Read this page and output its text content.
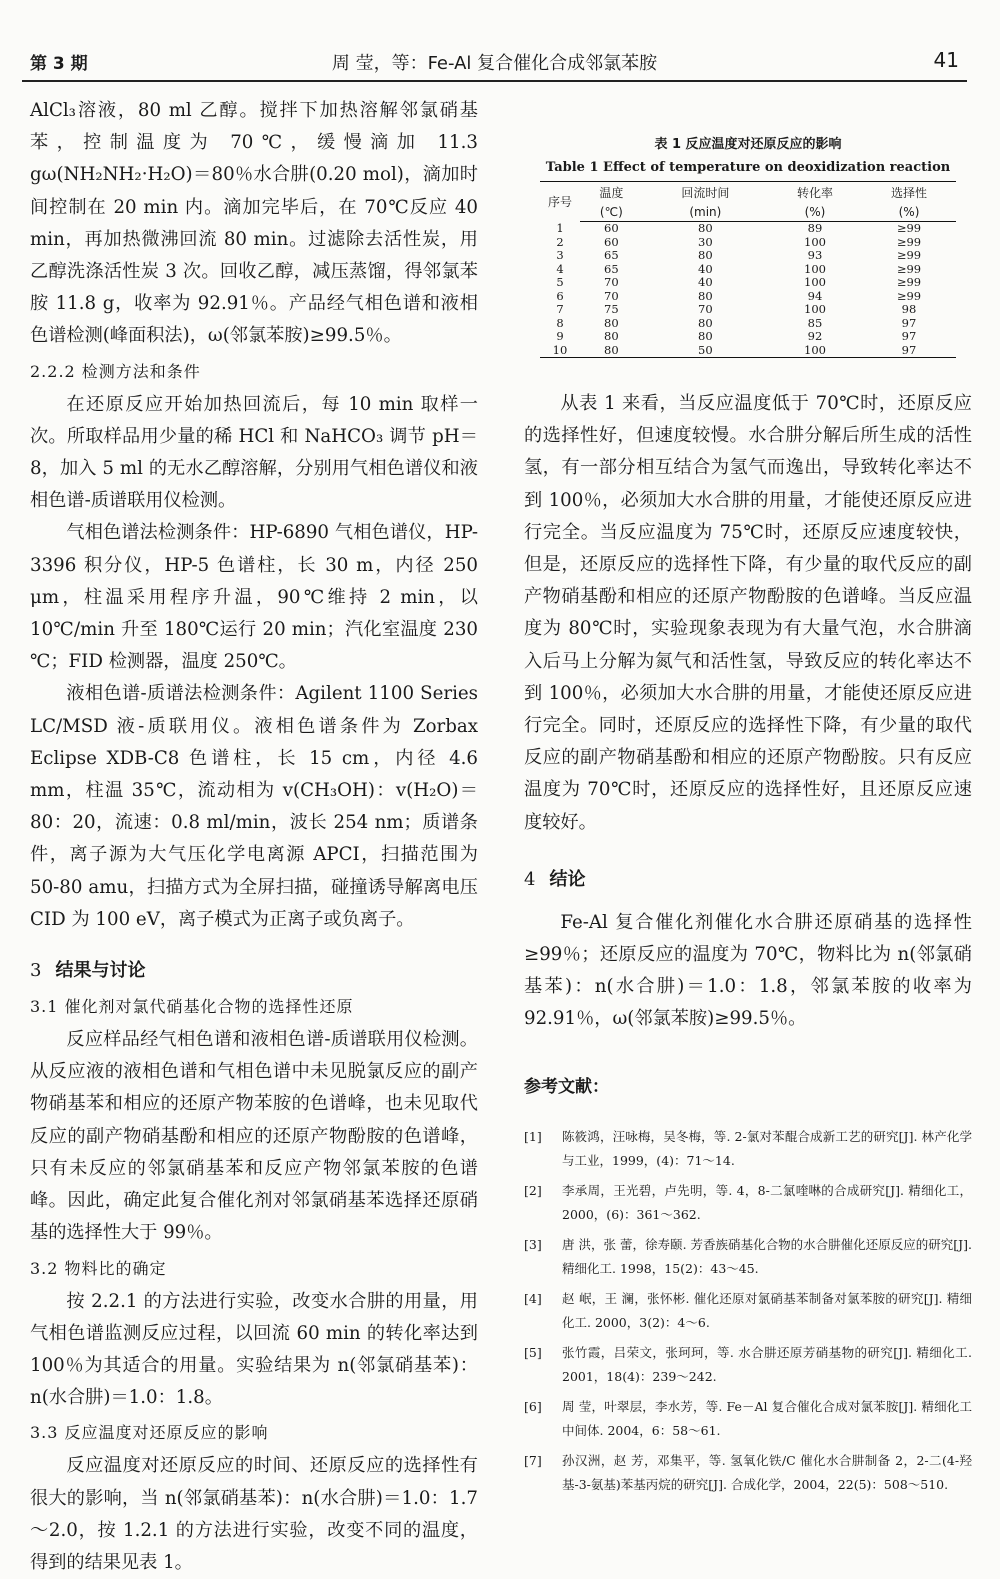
第 3 期	周 莹，等：Fe-Al 复合催化合成邻氯苯胺	41

AlCl₃溶液，80 ml 乙醇。搅拌下加热溶解邻氯硝基苯，控制温度为 70℃，缓慢滴加 11.3 gω(NH₂NH₂·H₂O)＝80％水合肼(0.20 mol)，滴加时间控制在 20 min 内。滴加完毕后，在 70℃反应 40 min，再加热微沸回流 80 min。过滤除去活性炭，用乙醇洗涤活性炭 3 次。回收乙醇，减压蒸馏，得邻氯苯胺 11.8 g，收率为 92.91％。产品经气相色谱和液相色谱检测(峰面积法)，ω(邻氯苯胺)≥99.5％。

2.2.2 检测方法和条件

在还原反应开始加热回流后，每 10 min 取样一次。所取样品用少量的稀 HCl 和 NaHCO₃ 调节 pH＝8，加入 5 ml 的无水乙醇溶解，分别用气相色谱仪和液相色谱-质谱联用仪检测。

气相色谱法检测条件：HP-6890 气相色谱仪，HP-3396 积分仪，HP-5 色谱柱，长 30 m，内径 250 μm，柱温采用程序升温，90℃维持 2 min，以 10℃/min 升至 180℃运行 20 min；汽化室温度 230 ℃；FID 检测器，温度 250℃。

液相色谱-质谱法检测条件：Agilent 1100 Series LC/MSD 液-质联用仪。液相色谱条件为 Zorbax Eclipse XDB-C8 色谱柱，长 15 cm，内径 4.6 mm，柱温 35℃，流动相为 v(CH₃OH)：v(H₂O)＝80：20，流速：0.8 ml/min，波长 254 nm；质谱条件，离子源为大气压化学电离源 APCI，扫描范围为 50-80 amu，扫描方式为全屏扫描，碰撞诱导解离电压 CID 为 100 eV，离子模式为正离子或负离子。

3 结果与讨论
3.1 催化剂对氯代硝基化合物的选择性还原

反应样品经气相色谱和液相色谱-质谱联用仪检测。从反应液的液相色谱和气相色谱中未见脱氯反应的副产物硝基苯和相应的还原产物苯胺的色谱峰，也未见取代反应的副产物硝基酚和相应的还原产物酚胺的色谱峰，只有未反应的邻氯硝基苯和反应产物邻氯苯胺的色谱峰。因此，确定此复合催化剂对邻氯硝基苯选择还原硝基的选择性大于 99％。

3.2 物料比的确定

按 2.2.1 的方法进行实验，改变水合肼的用量，用气相色谱监测反应过程，以回流 60 min 的转化率达到 100％为其适合的用量。实验结果为 n(邻氯硝基苯)：n(水合肼)＝1.0：1.8。

3.3 反应温度对还原反应的影响

反应温度对还原反应的时间、还原反应的选择性有很大的影响，当 n(邻氯硝基苯)：n(水合肼)＝1.0：1.7～2.0，按 1.2.1 的方法进行实验，改变不同的温度，得到的结果见表 1。

表 1 反应温度对还原反应的影响
Table 1 Effect of temperature on deoxidization reaction
序号	温度	回流时间	转化率	选择性
	(℃)	(min)	(%)	(%)
1	60	80	89	≥99
2	60	30	100	≥99
3	65	80	93	≥99
4	65	40	100	≥99
5	70	40	100	≥99
6	70	80	94	≥99
7	75	70	100	98
8	80	80	85	97
9	80	80	92	97
10	80	50	100	97

从表 1 来看，当反应温度低于 70℃时，还原反应的选择性好，但速度较慢。水合肼分解后所生成的活性氢，有一部分相互结合为氢气而逸出，导致转化率达不到 100％，必须加大水合肼的用量，才能使还原反应进行完全。当反应温度为 75℃时，还原反应速度较快，但是，还原反应的选择性下降，有少量的取代反应的副产物硝基酚和相应的还原产物酚胺的色谱峰。当反应温度为 80℃时，实验现象表现为有大量气泡，水合肼滴入后马上分解为氮气和活性氢，导致反应的转化率达不到 100％，必须加大水合肼的用量，才能使还原反应进行完全。同时，还原反应的选择性下降，有少量的取代反应的副产物硝基酚和相应的还原产物酚胺。只有反应温度为 70℃时，还原反应的选择性好，且还原反应速度较好。

4 结论

Fe-Al 复合催化剂催化水合肼还原硝基的选择性≥99％；还原反应的温度为 70℃，物料比为 n(邻氯硝基苯)：n(水合肼)＝1.0：1.8，邻氯苯胺的收率为 92.91％，ω(邻氯苯胺)≥99.5％。

参考文献：
[1] 陈筱鸿，汪咏梅，吴冬梅，等. 2-氯对苯醌合成新工艺的研究[J]. 林产化学与工业，1999，(4)：71～14.
[2] 李承周，王光碧，卢先明，等. 4，8-二氯喹啉的合成研究[J]. 精细化工，2000，(6)：361～362.
[3] 唐 洪，张 蕾，徐寿颐. 芳香族硝基化合物的水合肼催化还原反应的研究[J]. 精细化工. 1998，15(2)：43～45.
[4] 赵 岷，王 澜，张怀彬. 催化还原对氯硝基苯制备对氯苯胺的研究[J]. 精细化工. 2000，3(2)：4～6.
[5] 张竹霞，吕荣文，张珂珂，等. 水合肼还原芳硝基物的研究[J]. 精细化工. 2001，18(4)：239～242.
[6] 周 莹，叶翠层，李水芳，等. Fe－Al 复合催化合成对氯苯胺[J]. 精细化工中间体. 2004，6：58～61.
[7] 孙汉洲，赵 芳，邓集平，等. 氢氧化铁/C 催化水合肼制备 2，2-二(4-羟基-3-氨基)苯基丙烷的研究[J]. 合成化学，2004，22(5)：508～510.
